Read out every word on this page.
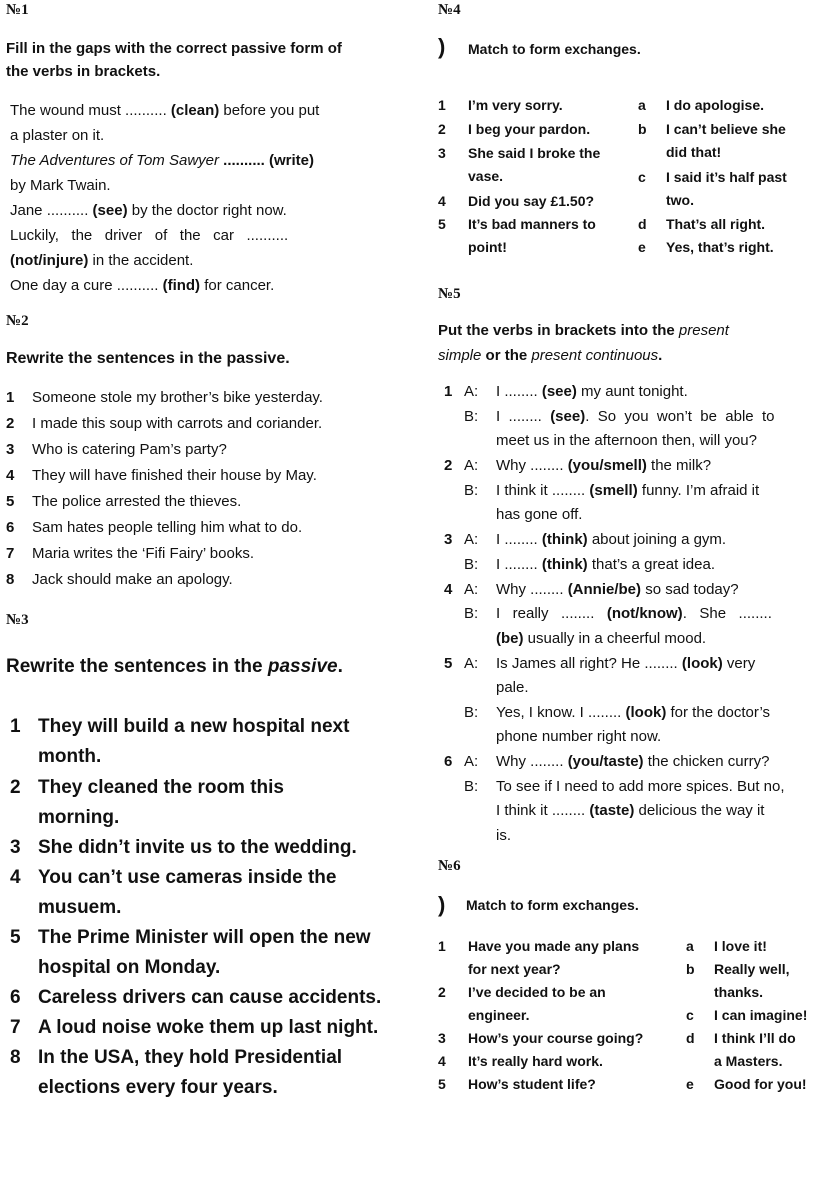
№1
Fill in the gaps with the correct passive form of
the verbs in brackets.
The wound must .......... (clean) before you put
a plaster on it.
The Adventures of Tom Sawyer .......... (write)
by Mark Twain.
Jane .......... (see) by the doctor right now.
Luckily,   the   driver   of   the   car   ..........
(not/injure) in the accident.
One day a cure .......... (find) for cancer.
№2
Rewrite the sentences in the passive.
1 Someone stole my brother’s bike yesterday.
2 I made this soup with carrots and coriander.
3 Who is catering Pam’s party?
4 They will have finished their house by May.
5 The police arrested the thieves.
6 Sam hates people telling him what to do.
7 Maria writes the ‘Fifi Fairy’ books.
8 Jack should make an apology.
№3
Rewrite the sentences in the passive.
1 They will build a new hospital next
month.
2 They cleaned the room this
morning.
3 She didn’t invite us to the wedding.
4 You can’t use cameras inside the
musuem.
5 The Prime Minister will open the new
hospital on Monday.
6 Careless drivers can cause accidents.
7 A loud noise woke them up last night.
8 In the USA, they hold Presidential
elections every four years.
№4
) Match to form exchanges.
1 I’m very sorry.
2 I beg your pardon.
3 She said I broke the
vase.
4 Did you say £1.50?
5 It’s bad manners to
point!
a I do apologise.
b I can’t believe she
did that!
c I said it’s half past
two.
d That’s all right.
e Yes, that’s right.
№5
Put the verbs in brackets into the present
simple or the present continuous.
1 A: I ........ (see) my aunt tonight.
B: I  ........  (see).  So  you  won’t  be  able  to
meet us in the afternoon then, will you?
2 A: Why ........ (you/smell) the milk?
B: I think it ........ (smell) funny. I’m afraid it
has gone off.
3 A: I ........ (think) about joining a gym.
B: I ........ (think) that’s a great idea.
4 A: Why ........ (Annie/be) so sad today?
B: I   really   ........   (not/know).   She   ........
(be) usually in a cheerful mood.
5 A: Is James all right? He ........ (look) very
pale.
B: Yes, I know. I ........ (look) for the doctor’s
phone number right now.
6 A: Why ........ (you/taste) the chicken curry?
B: To see if I need to add more spices. But no,
I think it ........ (taste) delicious the way it
is.
№6
) Match to form exchanges.
1 Have you made any plans
for next year?
2 I’ve decided to be an
engineer.
3 How’s your course going?
4 It’s really hard work.
5 How’s student life?
a I love it!
b Really well,
thanks.
c I can imagine!
d I think I’ll do
a Masters.
e Good for you!
